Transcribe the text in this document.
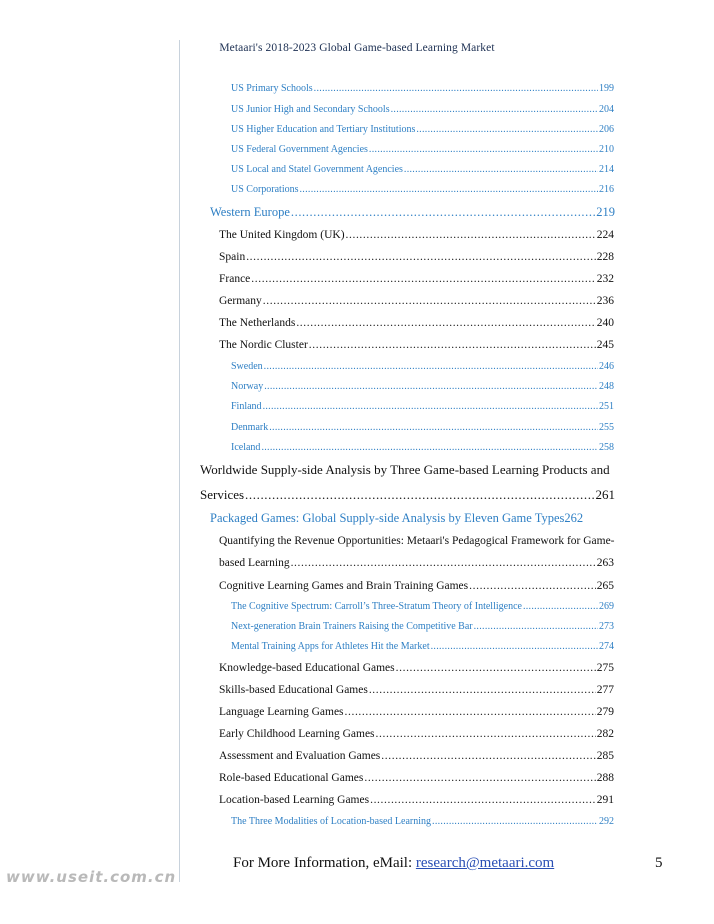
Metaari's 2018-2023 Global Game-based Learning Market
US Primary Schools .....	199
US Junior High and Secondary Schools .....	204
US Higher Education and Tertiary Institutions .....	206
US Federal Government Agencies .....	210
US Local and Statel Government Agencies .....	214
US Corporations .....	216
Western Europe .....	219
The United Kingdom (UK) .....	224
Spain .....	228
France .....	232
Germany .....	236
The Netherlands .....	240
The Nordic Cluster .....	245
Sweden .....	246
Norway .....	248
Finland .....	251
Denmark .....	255
Iceland .....	258
Worldwide Supply-side Analysis by Three Game-based Learning Products and
Services .....	261
Packaged Games: Global Supply-side Analysis by Eleven Game Types262
Quantifying the Revenue Opportunities: Metaari's Pedagogical Framework for Game-
based Learning .....	263
Cognitive Learning Games and Brain Training Games .....	265
The Cognitive Spectrum: Carroll’s Three-Stratum Theory of Intelligence .....	269
Next-generation Brain Trainers Raising the Competitive Bar .....	273
Mental Training Apps for Athletes Hit the Market .....	274
Knowledge-based Educational Games .....	275
Skills-based Educational Games .....	277
Language Learning Games .....	279
Early Childhood Learning Games .....	282
Assessment and Evaluation Games .....	285
Role-based Educational Games .....	288
Location-based Learning Games .....	291
The Three Modalities of Location-based Learning .....	292
For More Information, eMail: research@metaari.com	5
www.useit.com.cn
